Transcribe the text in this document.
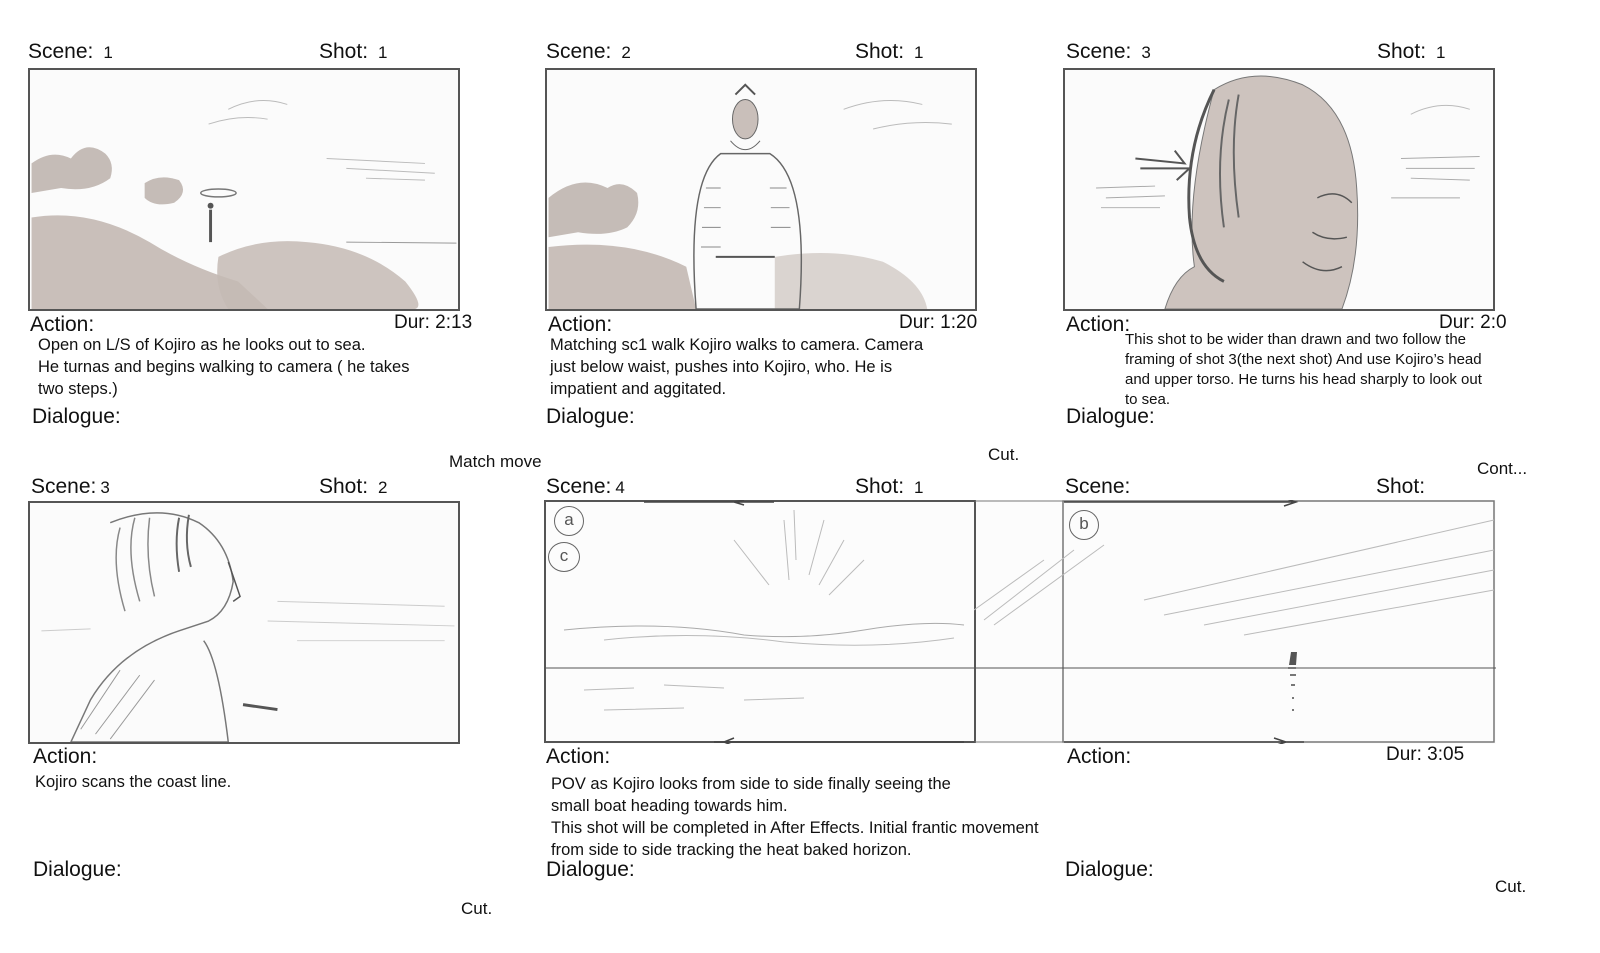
Scene: 1	Shot: 1
Action:	Dur: 2:13
Open on L/S of Kojiro as he looks out to sea.
He turnas and begins walking to camera ( he takes
two steps.)
Dialogue:
Scene: 2	Shot: 1
Action:	Dur: 1:20
Matching sc1 walk Kojiro walks to camera. Camera
just below waist, pushes into Kojiro, who. He is
impatient and aggitated.
Dialogue:
Scene: 3	Shot: 1
Action:	Dur: 2:0
This shot to be wider than drawn and two follow the
framing of shot 3(the next shot) And use Kojiro’s head
and upper torso. He turns his head sharply to look out
to sea.
Dialogue:
Match move	Cut.
Cont...
Scene: 3	Shot: 2
Action:
Kojiro scans the coast line.
Dialogue:
Cut.
Scene: 4	Shot: 1	Scene:	Shot:
a
c
b
Action:
POV as Kojiro looks from side to side finally seeing the
small boat heading towards him.
This shot will be completed in After Effects. Initial frantic movement
from side to side tracking the heat baked horizon.
Dialogue:
Action:	Dur: 3:05
Dialogue:
Cut.
